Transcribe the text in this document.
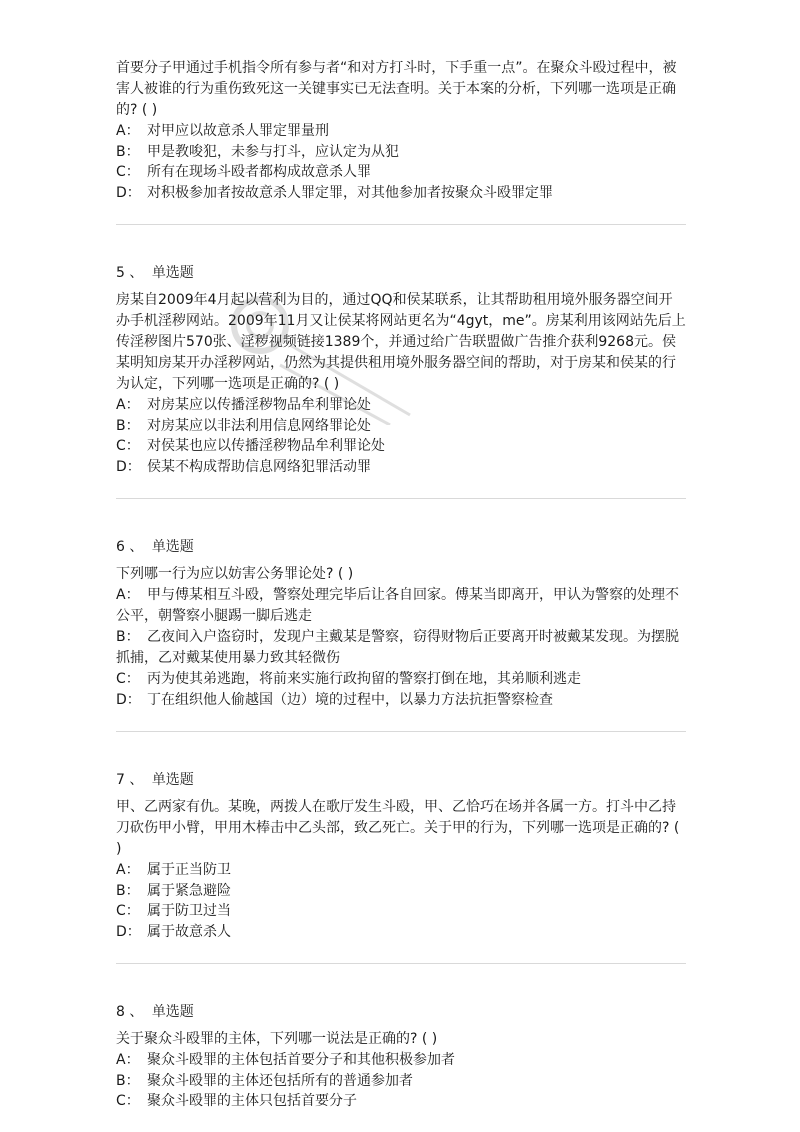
首要分子甲通过手机指令所有参与者“和对方打斗时，下手重一点”。在聚众斗殴过程中，被害人被谁的行为重伤致死这一关键事实已无法查明。关于本案的分析，下列哪一选项是正确的? ( )

A： 对甲应以故意杀人罪定罪量刑

B： 甲是教唆犯，未参与打斗，应认定为从犯

C： 所有在现场斗殴者都构成故意杀人罪

D： 对积极参加者按故意杀人罪定罪，对其他参加者按聚众斗殴罪定罪

5 、 单选题

房某自2009年4月起以营利为目的，通过QQ和侯某联系，让其帮助租用境外服务器空间开办手机淫秽网站。2009年11月又让侯某将网站更名为“4gyt，me”。房某利用该网站先后上传淫秽图片570张、淫秽视频链接1389个，并通过给广告联盟做广告推介获利9268元。侯某明知房某开办淫秽网站，仍然为其提供租用境外服务器空间的帮助，对于房某和侯某的行为认定，下列哪一选项是正确的? ( )

A： 对房某应以传播淫秽物品牟利罪论处

B： 对房某应以非法利用信息网络罪论处

C： 对侯某也应以传播淫秽物品牟利罪论处

D： 侯某不构成帮助信息网络犯罪活动罪

6 、 单选题

下列哪一行为应以妨害公务罪论处? ( )

A： 甲与傅某相互斗殴，警察处理完毕后让各自回家。傅某当即离开，甲认为警察的处理不公平，朝警察小腿踢一脚后逃走

B： 乙夜间入户盗窃时，发现户主戴某是警察，窃得财物后正要离开时被戴某发现。为摆脱抓捕，乙对戴某使用暴力致其轻微伤

C： 丙为使其弟逃跑，将前来实施行政拘留的警察打倒在地，其弟顺利逃走

D： 丁在组织他人偷越国（边）境的过程中，以暴力方法抗拒警察检查

7 、 单选题

甲、乙两家有仇。某晚，两拨人在歌厅发生斗殴，甲、乙恰巧在场并各属一方。打斗中乙持刀砍伤甲小臂，甲用木棒击中乙头部，致乙死亡。关于甲的行为，下列哪一选项是正确的? ( )

A： 属于正当防卫

B： 属于紧急避险

C： 属于防卫过当

D： 属于故意杀人

8 、 单选题

关于聚众斗殴罪的主体，下列哪一说法是正确的? ( )

A： 聚众斗殴罪的主体包括首要分子和其他积极参加者

B： 聚众斗殴罪的主体还包括所有的普通参加者

C： 聚众斗殴罪的主体只包括首要分子
